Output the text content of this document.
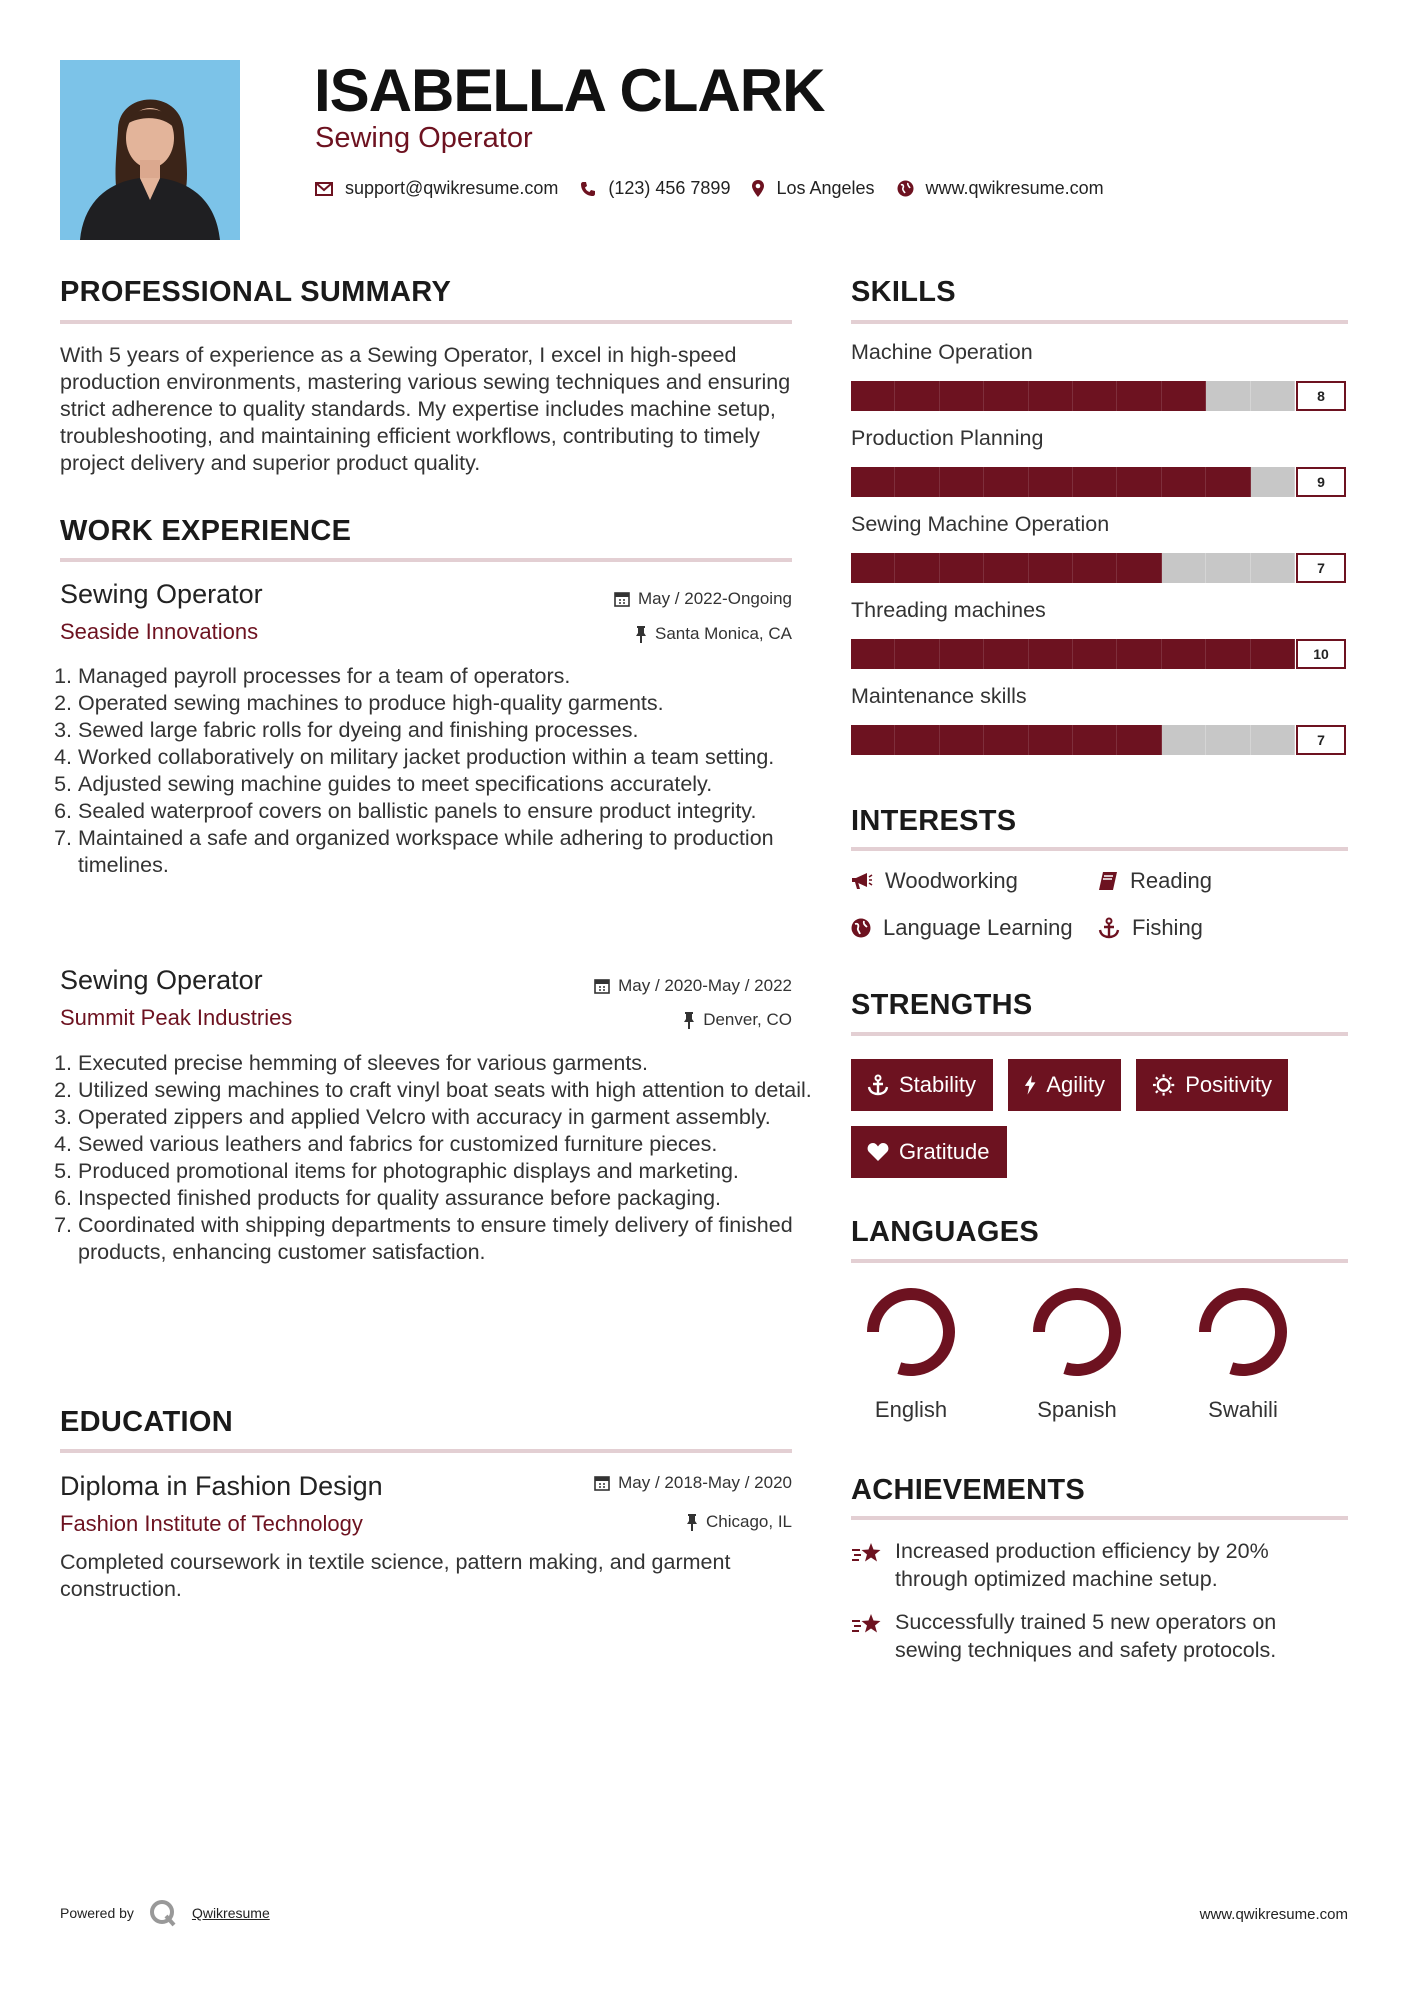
ISABELLA CLARK
Sewing Operator
support@qwikresume.com	(123) 456 7899	Los Angeles	www.qwikresume.com
PROFESSIONAL SUMMARY
With 5 years of experience as a Sewing Operator, I excel in high-speed production environments, mastering various sewing techniques and ensuring strict adherence to quality standards. My expertise includes machine setup, troubleshooting, and maintaining efficient workflows, contributing to timely project delivery and superior product quality.
WORK EXPERIENCE
Sewing Operator
Seaside Innovations
May / 2022-Ongoing
Santa Monica, CA
1. Managed payroll processes for a team of operators.
2. Operated sewing machines to produce high-quality garments.
3. Sewed large fabric rolls for dyeing and finishing processes.
4. Worked collaboratively on military jacket production within a team setting.
5. Adjusted sewing machine guides to meet specifications accurately.
6. Sealed waterproof covers on ballistic panels to ensure product integrity.
7. Maintained a safe and organized workspace while adhering to production timelines.
Sewing Operator
Summit Peak Industries
May / 2020-May / 2022
Denver, CO
1. Executed precise hemming of sleeves for various garments.
2. Utilized sewing machines to craft vinyl boat seats with high attention to detail.
3. Operated zippers and applied Velcro with accuracy in garment assembly.
4. Sewed various leathers and fabrics for customized furniture pieces.
5. Produced promotional items for photographic displays and marketing.
6. Inspected finished products for quality assurance before packaging.
7. Coordinated with shipping departments to ensure timely delivery of finished products, enhancing customer satisfaction.
EDUCATION
Diploma in Fashion Design
Fashion Institute of Technology
May / 2018-May / 2020
Chicago, IL
Completed coursework in textile science, pattern making, and garment construction.
SKILLS
Machine Operation
8
Production Planning
9
Sewing Machine Operation
7
Threading machines
10
Maintenance skills
7
INTERESTS
Woodworking	Reading
Language Learning	Fishing
STRENGTHS
Stability	Agility	Positivity
Gratitude
LANGUAGES
English	Spanish	Swahili
ACHIEVEMENTS
Increased production efficiency by 20% through optimized machine setup.
Successfully trained 5 new operators on sewing techniques and safety protocols.
Powered by	Qwikresume	www.qwikresume.com
